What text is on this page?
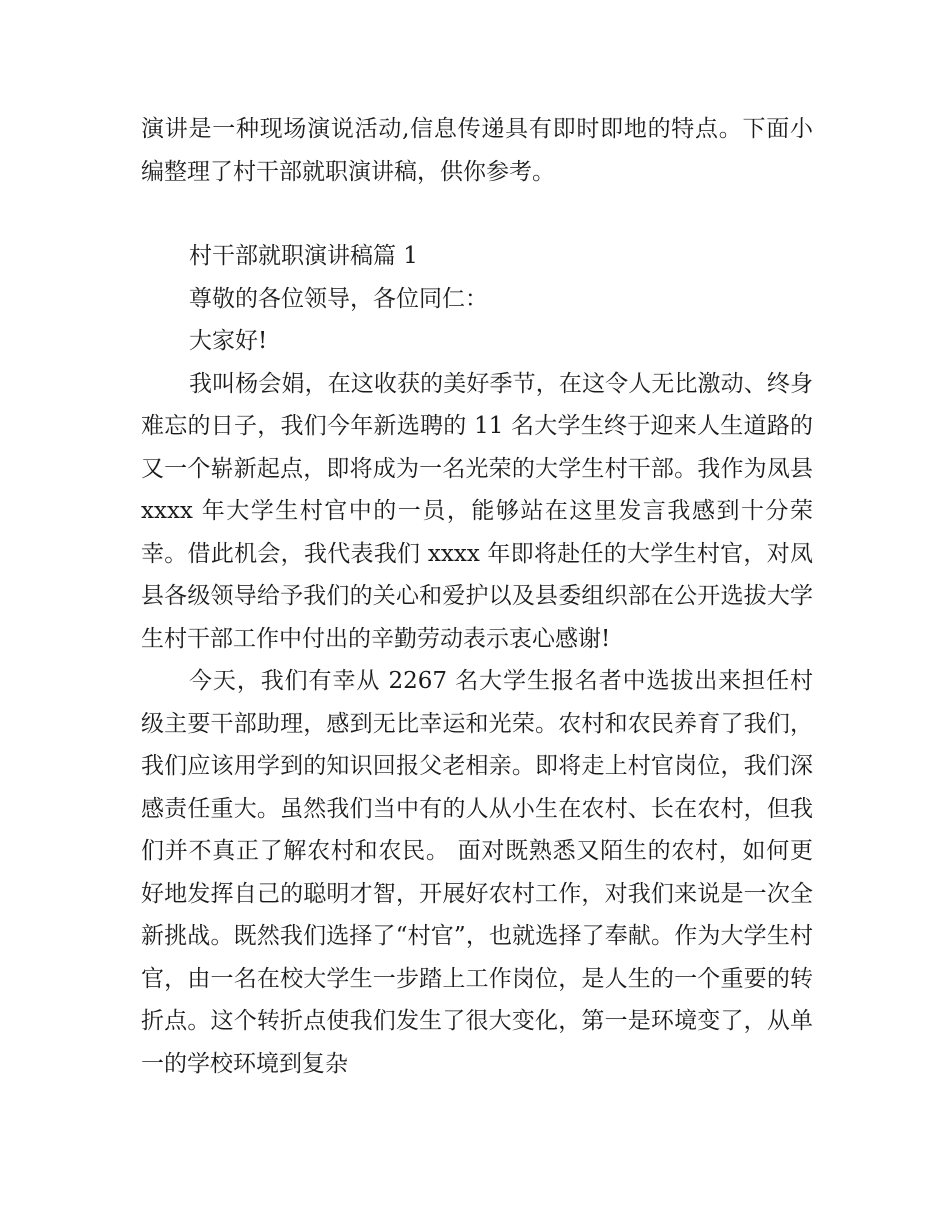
演讲是一种现场演说活动,信息传递具有即时即地的特点。下面小编整理了村干部就职演讲稿，供你参考。

村干部就职演讲稿篇 1

尊敬的各位领导，各位同仁：

大家好!

我叫杨会娟，在这收获的美好季节，在这令人无比激动、终身难忘的日子，我们今年新选聘的 11 名大学生终于迎来人生道路的又一个崭新起点，即将成为一名光荣的大学生村干部。我作为凤县 xxxx 年大学生村官中的一员，能够站在这里发言我感到十分荣幸。借此机会，我代表我们 xxxx 年即将赴任的大学生村官，对凤县各级领导给予我们的关心和爱护以及县委组织部在公开选拔大学生村干部工作中付出的辛勤劳动表示衷心感谢!

今天，我们有幸从 2267 名大学生报名者中选拔出来担任村级主要干部助理，感到无比幸运和光荣。农村和农民养育了我们，我们应该用学到的知识回报父老相亲。即将走上村官岗位，我们深感责任重大。虽然我们当中有的人从小生在农村、长在农村，但我们并不真正了解农村和农民。 面对既熟悉又陌生的农村，如何更好地发挥自己的聪明才智，开展好农村工作，对我们来说是一次全新挑战。既然我们选择了“村官”，也就选择了奉献。作为大学生村官，由一名在校大学生一步踏上工作岗位，是人生的一个重要的转折点。这个转折点使我们发生了很大变化，第一是环境变了，从单一的学校环境到复杂
